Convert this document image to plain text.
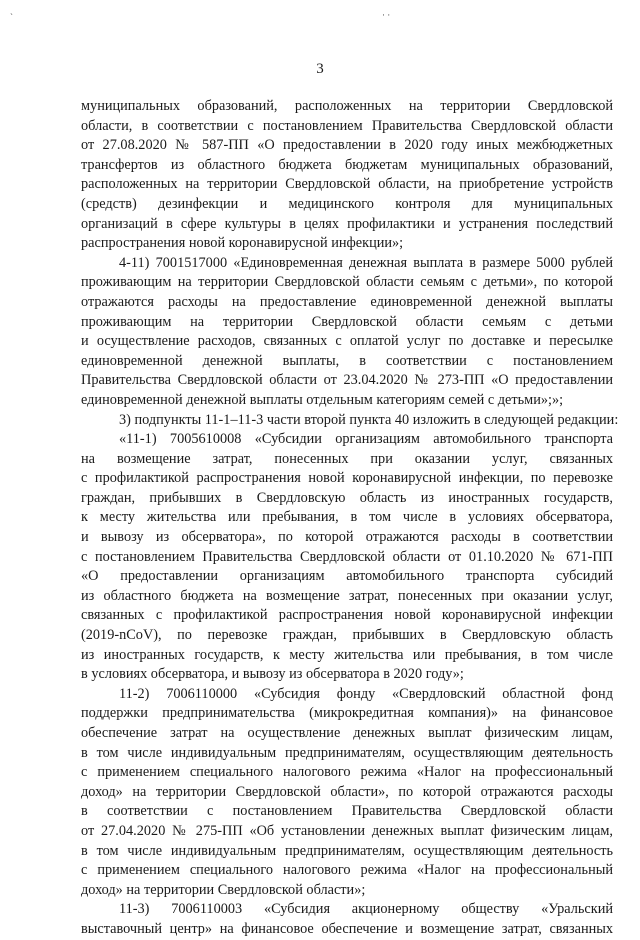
`	· ·
3

муниципальных образований, расположенных на территории Свердловской

области, в соответствии с постановлением Правительства Свердловской области

от 27.08.2020 № 587-ПП «О предоставлении в 2020 году иных межбюджетных

трансфертов из областного бюджета бюджетам муниципальных образований,

расположенных на территории Свердловской области, на приобретение устройств

(средств) дезинфекции и медицинского контроля для муниципальных

организаций в сфере культуры в целях профилактики и устранения последствий

распространения новой коронавирусной инфекции»;

4-11) 7001517000 «Единовременная денежная выплата в размере 5000 рублей

проживающим на территории Свердловской области семьям с детьми», по которой

отражаются расходы на предоставление единовременной денежной выплаты

проживающим на территории Свердловской области семьям с детьми

и осуществление расходов, связанных с оплатой услуг по доставке и пересылке

единовременной денежной выплаты, в соответствии с постановлением

Правительства Свердловской области от 23.04.2020 № 273-ПП «О предоставлении

единовременной денежной выплаты отдельным категориям семей с детьми»;»;

3) подпункты 11-1–11-3 части второй пункта 40 изложить в следующей редакции:

«11-1) 7005610008 «Субсидии организациям автомобильного транспорта

на возмещение затрат, понесенных при оказании услуг, связанных

с профилактикой распространения новой коронавирусной инфекции, по перевозке

граждан, прибывших в Свердловскую область из иностранных государств,

к месту жительства или пребывания, в том числе в условиях обсерватора,

и вывозу из обсерватора», по которой отражаются расходы в соответствии

с постановлением Правительства Свердловской области от 01.10.2020 № 671-ПП

«О предоставлении организациям автомобильного транспорта субсидий

из областного бюджета на возмещение затрат, понесенных при оказании услуг,

связанных с профилактикой распространения новой коронавирусной инфекции

(2019-nCoV), по перевозке граждан, прибывших в Свердловскую область

из иностранных государств, к месту жительства или пребывания, в том числе

в условиях обсерватора, и вывозу из обсерватора в 2020 году»;

11-2) 7006110000 «Субсидия фонду «Свердловский областной фонд

поддержки предпринимательства (микрокредитная компания)» на финансовое

обеспечение затрат на осуществление денежных выплат физическим лицам,

в том числе индивидуальным предпринимателям, осуществляющим деятельность

с применением специального налогового режима «Налог на профессиональный

доход» на территории Свердловской области», по которой отражаются расходы

в соответствии с постановлением Правительства Свердловской области

от 27.04.2020 № 275-ПП «Об установлении денежных выплат физическим лицам,

в том числе индивидуальным предпринимателям, осуществляющим деятельность

с применением специального налогового режима «Налог на профессиональный

доход» на территории Свердловской области»;

11-3) 7006110003 «Субсидия акционерному обществу «Уральский

выставочный центр» на финансовое обеспечение и возмещение затрат, связанных
